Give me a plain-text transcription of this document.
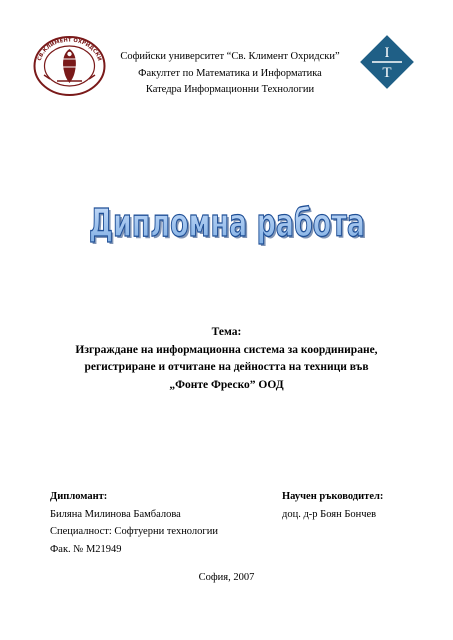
СВ.КЛИМЕНТ ОХРИДСКИ	Софийски университет “Св. Климент Охридски”
Факултет по Математика и Информатика
Катедра Информационни Технологии
I
T
Дипломна работа
Дипломна работа
Тема:
Изграждане на информационна система за координиране,
регистриране и отчитане на дейността на техници във
„Фонте Фреско” ООД
Дипломант:
Биляна Милинова Бамбалова
Специалност: Софтуерни технологии
Фак. № М21949
Научен ръководител:
доц. д-р Боян Бончев
София, 2007
